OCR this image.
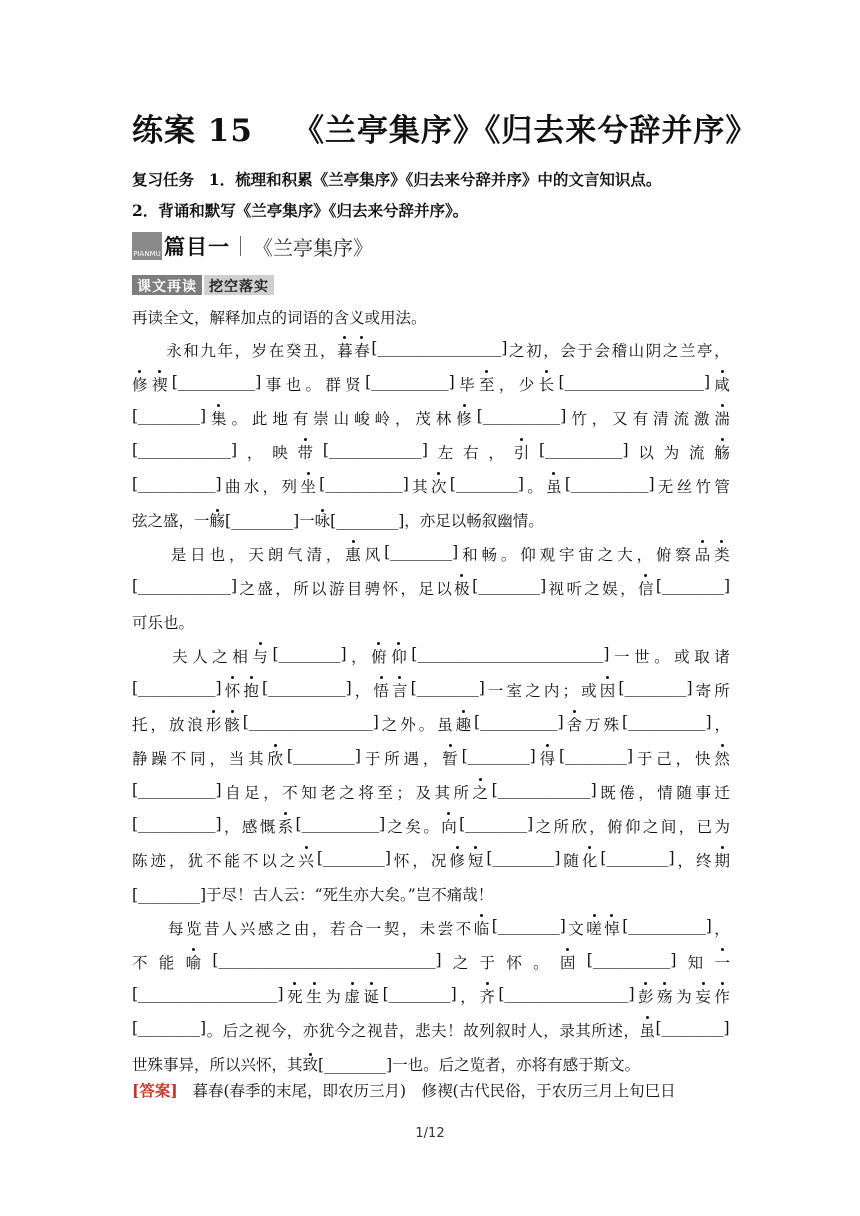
练案 15 《兰亭集序》《归去来兮辞并序》
复习任务 1．梳理和积累《兰亭集序》《归去来兮辞并序》中的文言知识点。
2．背诵和默写《兰亭集序》《归去来兮辞并序》。
PIANMU 篇目一 《兰亭集序》
课文再读 挖空落实
再读全文，解释加点的词语的含义或用法。

永 和 九 年 ， 岁 在 癸 丑 ， 暮 春 [________________] 之 初 ， 会 于 会 稽 山 阴 之 兰 亭 ，
修 禊 [__________] 事 也 。 群 贤 [__________] 毕 至 ， 少 长 [__________________] 咸
[________] 集 。 此 地 有 崇 山 峻 岭 ， 茂 林 修 [__________] 竹 ， 又 有 清 流 激 湍
[____________] ， 映 带 [____________] 左 右 ， 引 [__________] 以 为 流 觞
[__________] 曲 水 ， 列 坐 [__________] 其 次 [________] 。 虽 [__________] 无 丝 竹 管
弦之盛，一觞[________]一咏[________]，亦足以畅叙幽情。

是 日 也 ， 天 朗 气 清 ， 惠 风 [________] 和 畅 。 仰 观 宇 宙 之 大 ， 俯 察 品 类
[____________] 之 盛 ， 所 以 游 目 骋 怀 ， 足 以 极 [________] 视 听 之 娱 ， 信 [________]
可乐也。

夫 人 之 相 与 [________] ， 俯 仰 [________________________] 一 世 。 或 取 诸
[__________] 怀 抱 [__________] ， 悟 言 [________] 一 室 之 内 ； 或 因 [________] 寄 所
托 ， 放 浪 形 骸 [________________] 之 外 。 虽 趣 [__________] 舍 万 殊 [__________] ，
静 躁 不 同 ， 当 其 欣 [________] 于 所 遇 ， 暂 [________] 得 [________] 于 己 ， 快 然
[__________] 自 足 ， 不 知 老 之 将 至 ； 及 其 所 之 [____________] 既 倦 ， 情 随 事 迁
[__________] ， 感 慨 系 [__________] 之 矣 。 向 [________] 之 所 欣 ， 俯 仰 之 间 ， 已 为
陈 迹 ， 犹 不 能 不 以 之 兴 [________] 怀 ， 况 修 短 [________] 随 化 [________] ， 终 期
[________]于尽！古人云：“死生亦大矣。”岂不痛哉！

每 览 昔 人 兴 感 之 由 ， 若 合 一 契 ， 未 尝 不 临 [________] 文 嗟 悼 [__________] ，
不 能 喻 [____________________________] 之 于 怀 。 固 [__________] 知 一
[__________________] 死 生 为 虚 诞 [________] ， 齐 [________________] 彭 殇 为 妄 作
[________] 。 后 之 视 今 ， 亦 犹 今 之 视 昔 ， 悲 夫 ！ 故 列 叙 时 人 ， 录 其 所 述 ， 虽 [________]
世殊事异，所以兴怀，其致[________]一也。后之览者，亦将有感于斯文。
[答案] 暮春(春季的末尾，即农历三月)　修禊(古代民俗，于农历三月上旬巳日
1/12
